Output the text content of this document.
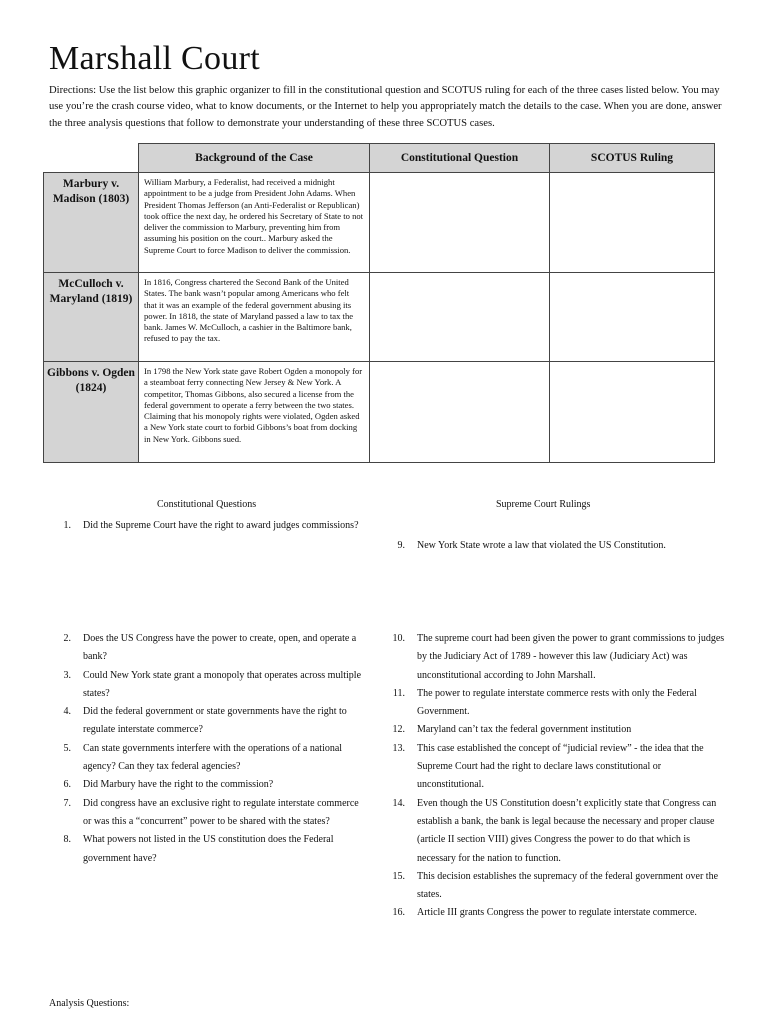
Marshall Court

Directions: Use the list below this graphic organizer to fill in the constitutional question and SCOTUS ruling for each of the three cases listed below. You may use you’re the crash course video, what to know documents, or the Internet to help you appropriately match the details to the case. When you are done, answer the three analysis questions that follow to demonstrate your understanding of these three SCOTUS cases.

	Background of the Case	Constitutional Question	SCOTUS Ruling
Marbury v. Madison (1803)	William Marbury, a Federalist, had received a midnight appointment to be a judge from President John Adams. When President Thomas Jefferson (an Anti-Federalist or Republican) took office the next day, he ordered his Secretary of State to not deliver the commission to Marbury, preventing him from assuming his position on the court.. Marbury asked the Supreme Court to force Madison to deliver the commission.		
McCulloch v. Maryland (1819)	In 1816, Congress chartered the Second Bank of the United States. The bank wasn’t popular among Americans who felt that it was an example of the federal government abusing its power. In 1818, the state of Maryland passed a law to tax the bank. James W. McCulloch, a cashier in the Baltimore bank, refused to pay the tax.		
Gibbons v. Ogden (1824)	In 1798 the New York state gave Robert Ogden a monopoly for a steamboat ferry connecting New Jersey & New York. A competitor, Thomas Gibbons, also secured a license from the federal government to operate a ferry between the two states. Claiming that his monopoly rights were violated, Ogden asked a New York state court to forbid Gibbons’s boat from docking in New York. Gibbons sued.		

Constitutional Questions	Supreme Court Rulings

1. Did the Supreme Court have the right to award judges commissions?
2. Does the US Congress have the power to create, open, and operate a bank?
3. Could New York state grant a monopoly that operates across multiple states?
4. Did the federal government or state governments have the right to regulate interstate commerce?
5. Can state governments interfere with the operations of a national agency? Can they tax federal agencies?
6. Did Marbury have the right to the commission?
7. Did congress have an exclusive right to regulate interstate commerce or was this a “concurrent” power to be shared with the states?
8. What powers not listed in the US constitution does the Federal government have?
9. New York State wrote a law that violated the US Constitution.
10. The supreme court had been given the power to grant commissions to judges by the Judiciary Act of 1789 - however this law (Judiciary Act) was unconstitutional according to John Marshall.
11. The power to regulate interstate commerce rests with only the Federal Government.
12. Maryland can’t tax the federal government institution
13. This case established the concept of “judicial review” - the idea that the Supreme Court had the right to declare laws constitutional or unconstitutional.
14. Even though the US Constitution doesn’t explicitly state that Congress can establish a bank, the bank is legal because the necessary and proper clause (article II section VIII) gives Congress the power to do that which is necessary for the nation to function.
15. This decision establishes the supremacy of the federal government over the states.
16. Article III grants Congress the power to regulate interstate commerce.

Analysis Questions:
